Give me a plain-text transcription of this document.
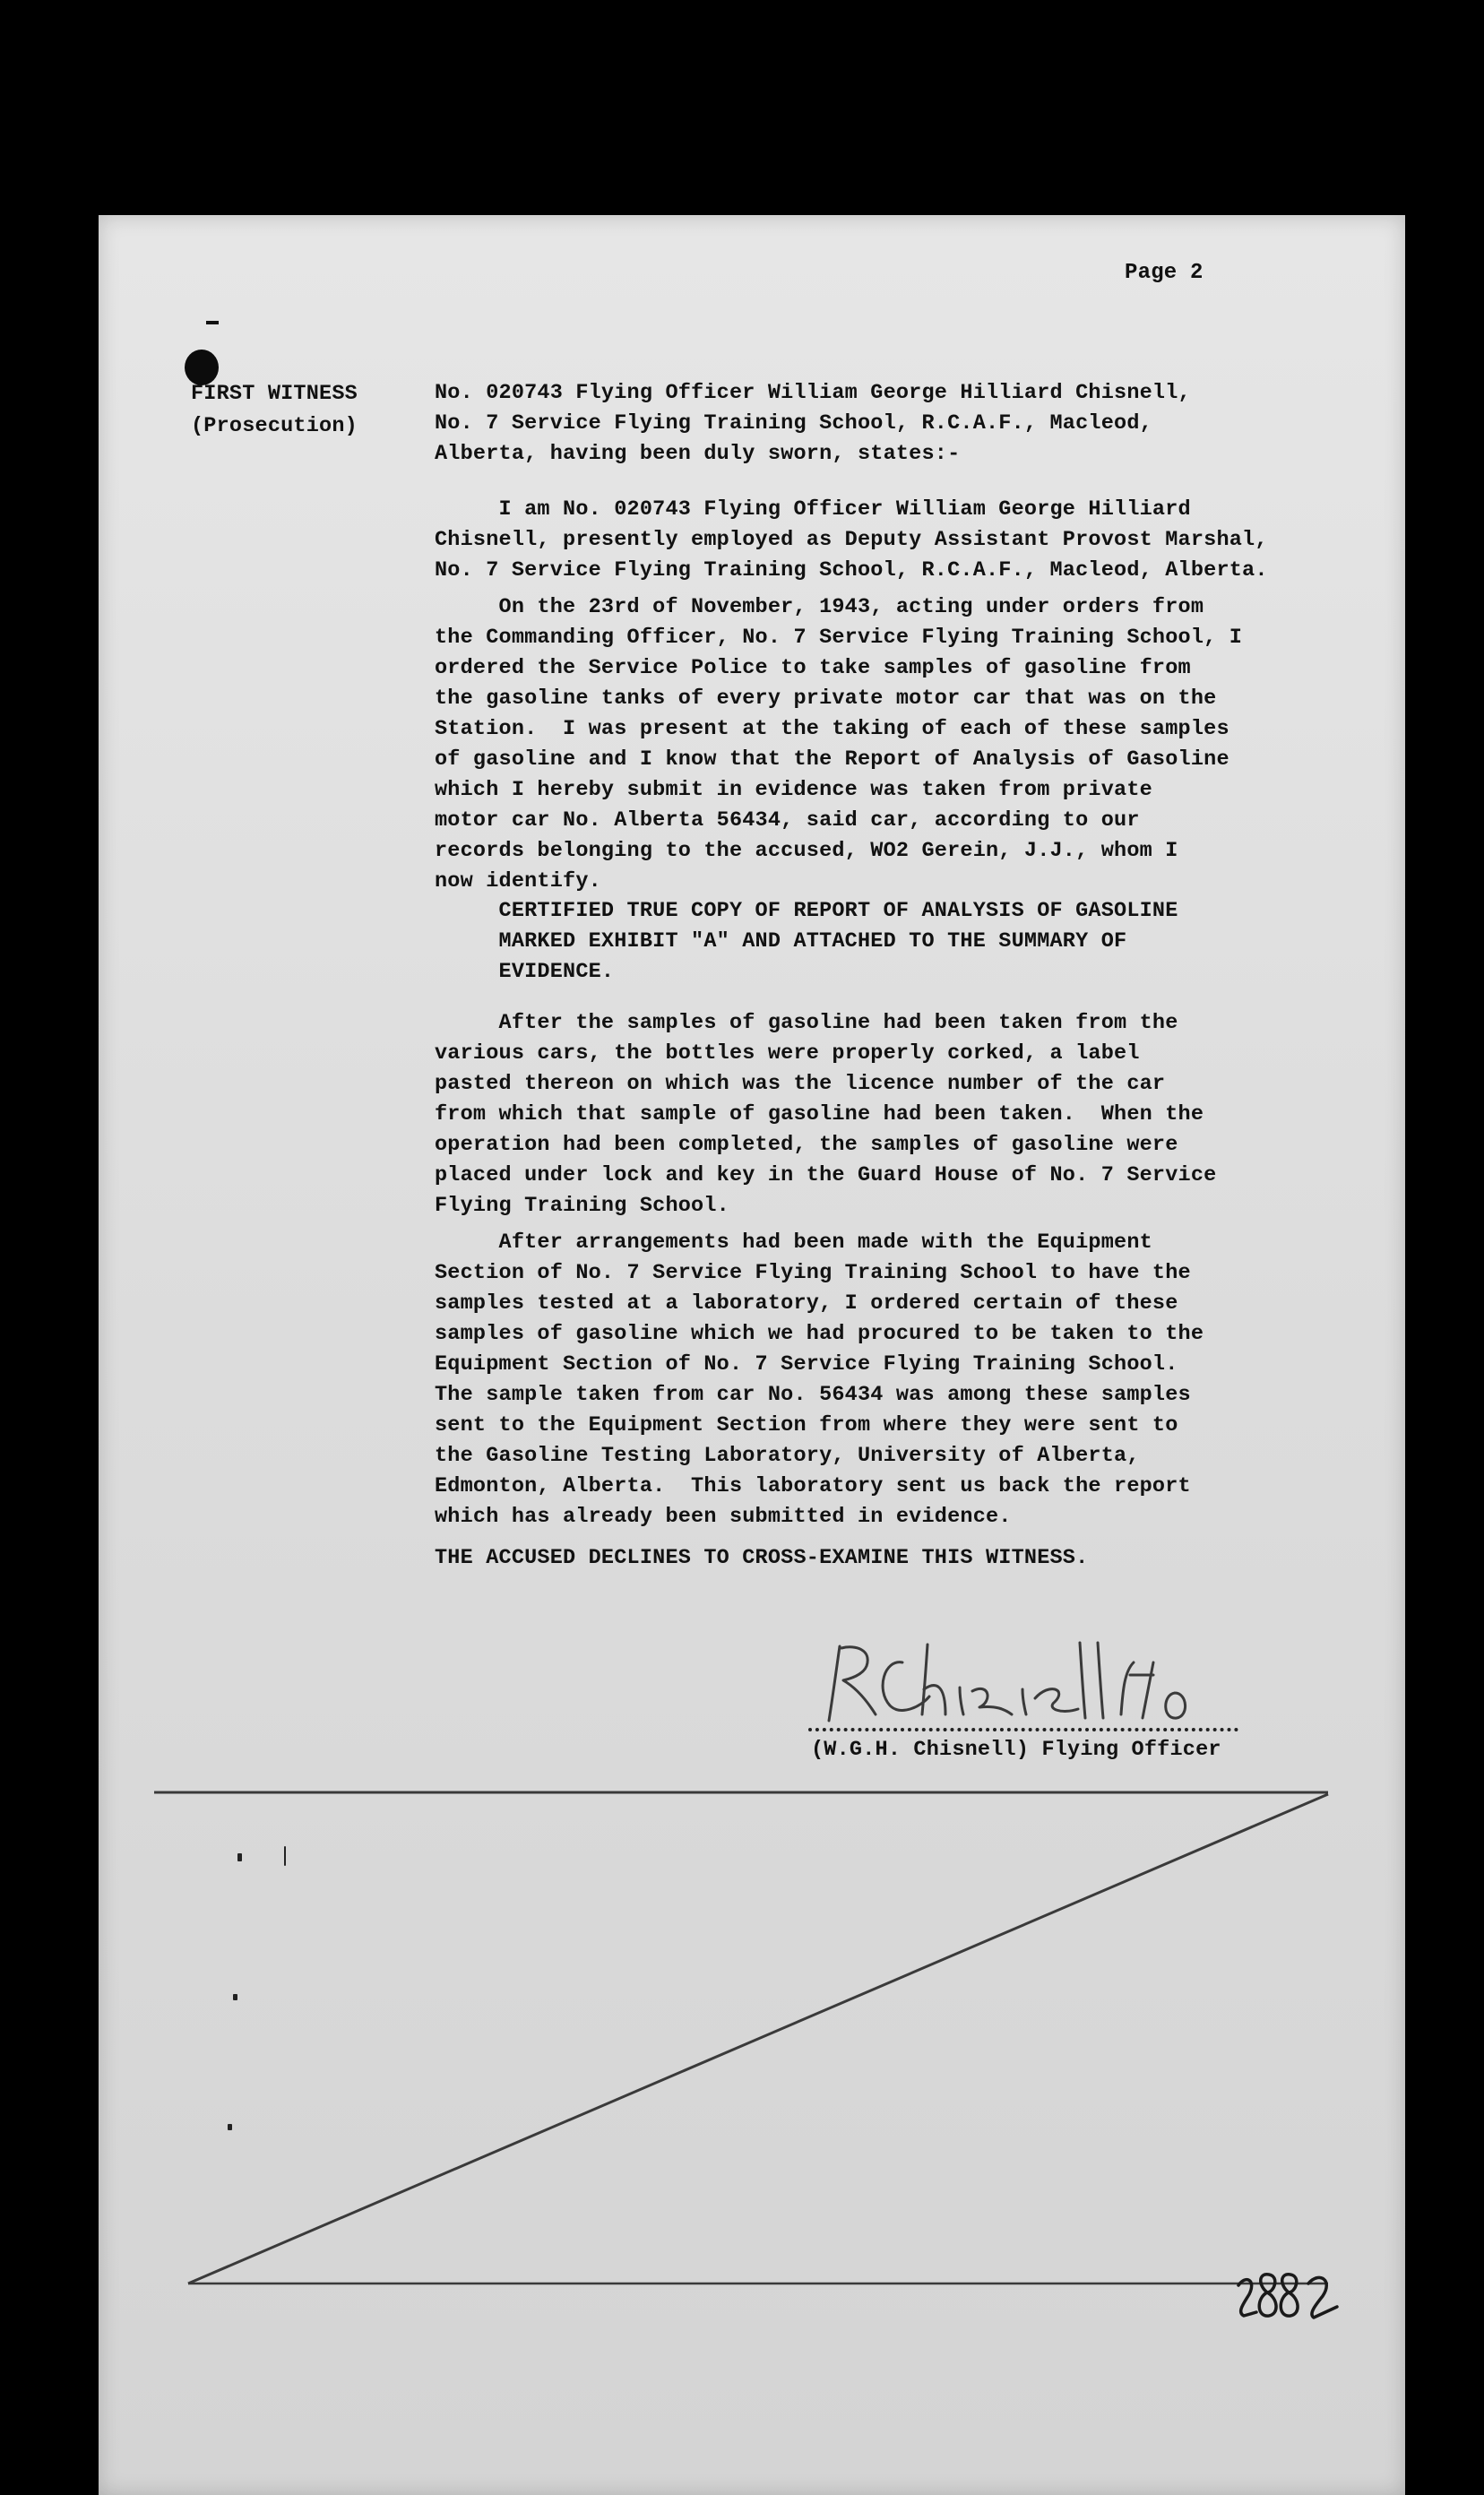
Page 2
FIRST WITNESS
(Prosecution)
No. 020743 Flying Officer William George Hilliard Chisnell,
No. 7 Service Flying Training School, R.C.A.F., Macleod,
Alberta, having been duly sworn, states:-
I am No. 020743 Flying Officer William George Hilliard
Chisnell, presently employed as Deputy Assistant Provost Marshal,
No. 7 Service Flying Training School, R.C.A.F., Macleod, Alberta.
On the 23rd of November, 1943, acting under orders from
the Commanding Officer, No. 7 Service Flying Training School, I
ordered the Service Police to take samples of gasoline from
the gasoline tanks of every private motor car that was on the
Station.  I was present at the taking of each of these samples
of gasoline and I know that the Report of Analysis of Gasoline
which I hereby submit in evidence was taken from private
motor car No. Alberta 56434, said car, according to our
records belonging to the accused, WO2 Gerein, J.J., whom I
now identify.
CERTIFIED TRUE COPY OF REPORT OF ANALYSIS OF GASOLINE
MARKED EXHIBIT "A" AND ATTACHED TO THE SUMMARY OF
EVIDENCE.
After the samples of gasoline had been taken from the
various cars, the bottles were properly corked, a label
pasted thereon on which was the licence number of the car
from which that sample of gasoline had been taken.  When the
operation had been completed, the samples of gasoline were
placed under lock and key in the Guard House of No. 7 Service
Flying Training School.
After arrangements had been made with the Equipment
Section of No. 7 Service Flying Training School to have the
samples tested at a laboratory, I ordered certain of these
samples of gasoline which we had procured to be taken to the
Equipment Section of No. 7 Service Flying Training School.
The sample taken from car No. 56434 was among these samples
sent to the Equipment Section from where they were sent to
the Gasoline Testing Laboratory, University of Alberta,
Edmonton, Alberta.  This laboratory sent us back the report
which has already been submitted in evidence.
THE ACCUSED DECLINES TO CROSS-EXAMINE THIS WITNESS.
(W.G.H. Chisnell) Flying Officer
